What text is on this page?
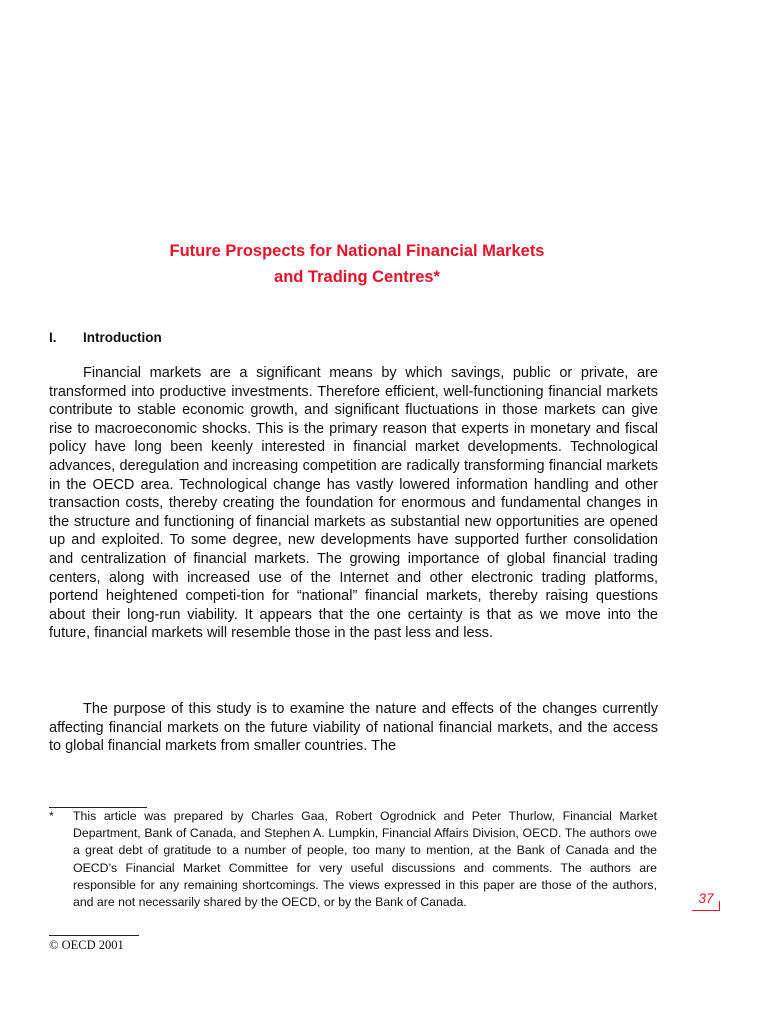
Future Prospects for National Financial Markets
and Trading Centres*
I. Introduction

Financial markets are a significant means by which savings, public or private, are transformed into productive investments. Therefore efficient, well-functioning financial markets contribute to stable economic growth, and significant fluctuations in those markets can give rise to macroeconomic shocks. This is the primary reason that experts in monetary and fiscal policy have long been keenly interested in financial market developments. Technological advances, deregulation and increasing competition are radically transforming financial markets in the OECD area. Technological change has vastly lowered information handling and other transaction costs, thereby creating the foundation for enormous and fundamental changes in the structure and functioning of financial markets as substantial new opportunities are opened up and exploited. To some degree, new developments have supported further consolidation and centralization of financial markets. The growing importance of global financial trading centers, along with increased use of the Internet and other electronic trading platforms, portend heightened competi-tion for “national” financial markets, thereby raising questions about their long-run viability. It appears that the one certainty is that as we move into the future, financial markets will resemble those in the past less and less.

The purpose of this study is to examine the nature and effects of the changes currently affecting financial markets on the future viability of national financial markets, and the access to global financial markets from smaller countries. The

* This article was prepared by Charles Gaa, Robert Ogrodnick and Peter Thurlow, Financial Market Department, Bank of Canada, and Stephen A. Lumpkin, Financial Affairs Division, OECD. The authors owe a great debt of gratitude to a number of people, too many to mention, at the Bank of Canada and the OECD’s Financial Market Committee for very useful discussions and comments. The authors are responsible for any remaining shortcomings. The views expressed in this paper are those of the authors, and are not necessarily shared by the OECD, or by the Bank of Canada.	37
© OECD 2001
